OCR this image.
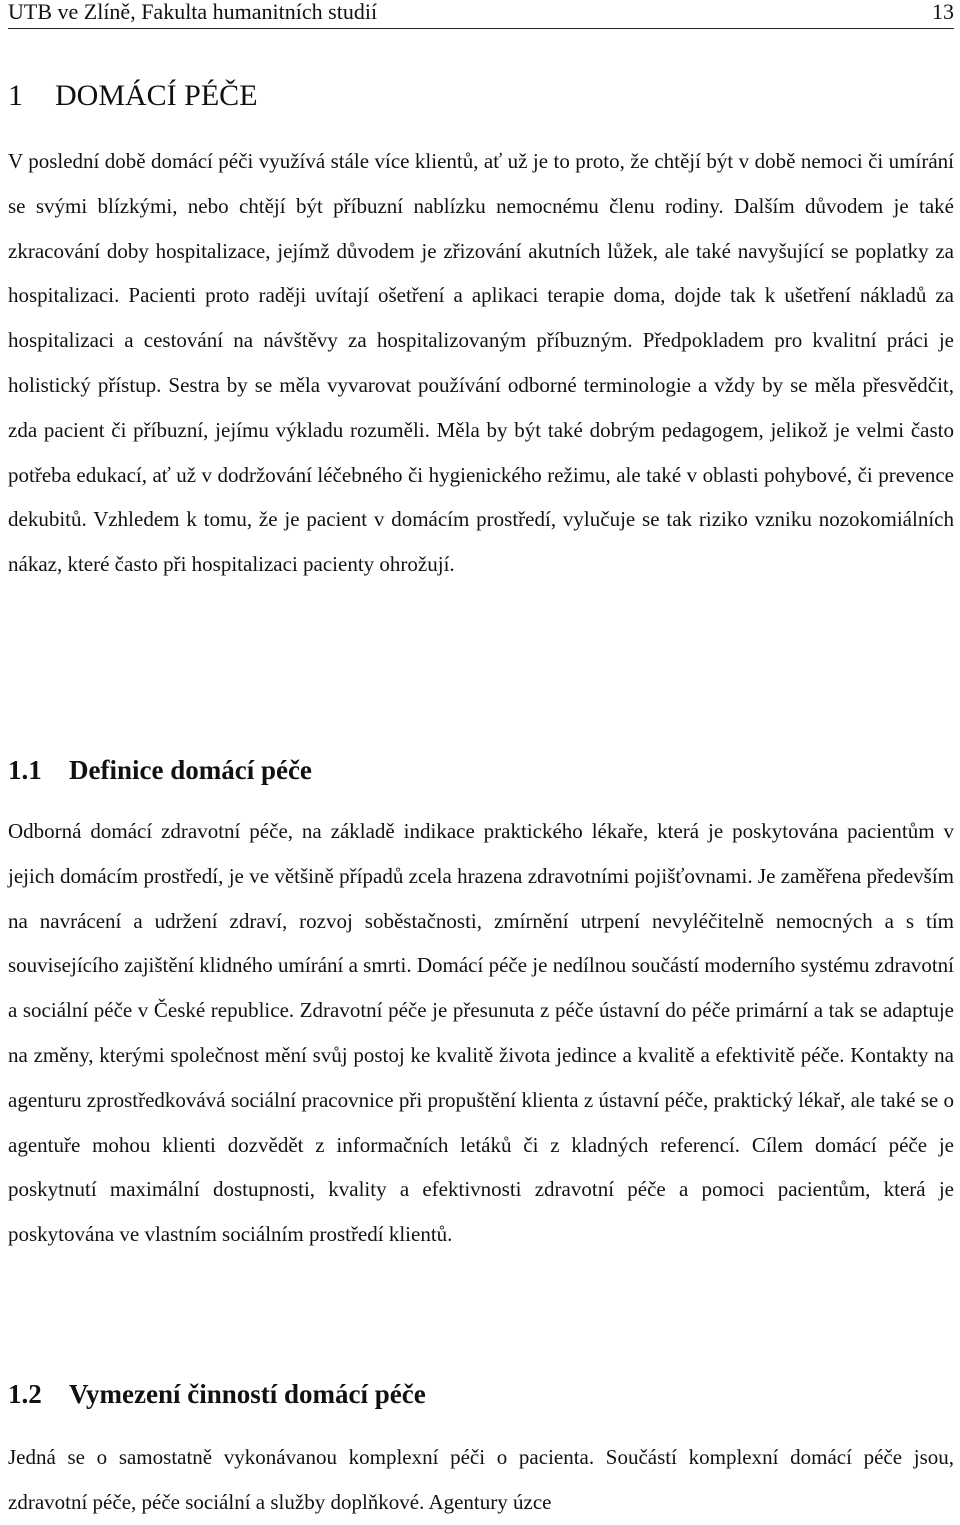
UTB ve Zlíně, Fakulta humanitních studií	13
1 DOMÁCÍ PÉČE

V poslední době domácí péči využívá stále více klientů, ať už je to proto, že chtějí být v době nemoci či umírání se svými blízkými, nebo chtějí být příbuzní nablízku nemocnému členu rodiny. Dalším důvodem je také zkracování doby hospitalizace, jejímž důvodem je zřizování akutních lůžek, ale také navyšující se poplatky za hospitalizaci. Pacienti proto raději uvítají ošetření a aplikaci terapie doma, dojde tak k ušetření nákladů za hospitalizaci a cestování na návštěvy za hospitalizovaným příbuzným. Předpokladem pro kvalitní práci je holistický přístup. Sestra by se měla vyvarovat používání odborné terminologie a vždy by se měla přesvědčit, zda pacient či příbuzní, jejímu výkladu rozuměli. Měla by být také dobrým pedagogem, jelikož je velmi často potřeba edukací, ať už v dodržování léčebného či hygienického režimu, ale také v oblasti pohybové, či prevence dekubitů. Vzhledem k tomu, že je pacient v domácím prostředí, vylučuje se tak riziko vzniku nozokomiálních nákaz, které často při hospitalizaci pacienty ohrožují.

1.1 Definice domácí péče

Odborná domácí zdravotní péče, na základě indikace praktického lékaře, která je poskytována pacientům v jejich domácím prostředí, je ve většině případů zcela hrazena zdravotními pojišťovnami. Je zaměřena především na navrácení a udržení zdraví, rozvoj soběstačnosti, zmírnění utrpení nevyléčitelně nemocných a s tím souvisejícího zajištění klidného umírání a smrti. Domácí péče je nedílnou součástí moderního systému zdravotní a sociální péče v České republice. Zdravotní péče je přesunuta z péče ústavní do péče primární a tak se adaptuje na změny, kterými společnost mění svůj postoj ke kvalitě života jedince a kvalitě a efektivitě péče. Kontakty na agenturu zprostředkovává sociální pracovnice při propuštění klienta z ústavní péče, praktický lékař, ale také se o agentuře mohou klienti dozvědět z informačních letáků či z kladných referencí. Cílem domácí péče je poskytnutí maximální dostupnosti, kvality a efektivnosti zdravotní péče a pomoci pacientům, která je poskytována ve vlastním sociálním prostředí klientů.

1.2 Vymezení činností domácí péče

Jedná se o samostatně vykonávanou komplexní péči o pacienta. Součástí komplexní domácí péče jsou, zdravotní péče, péče sociální a služby doplňkové. Agentury úzce
